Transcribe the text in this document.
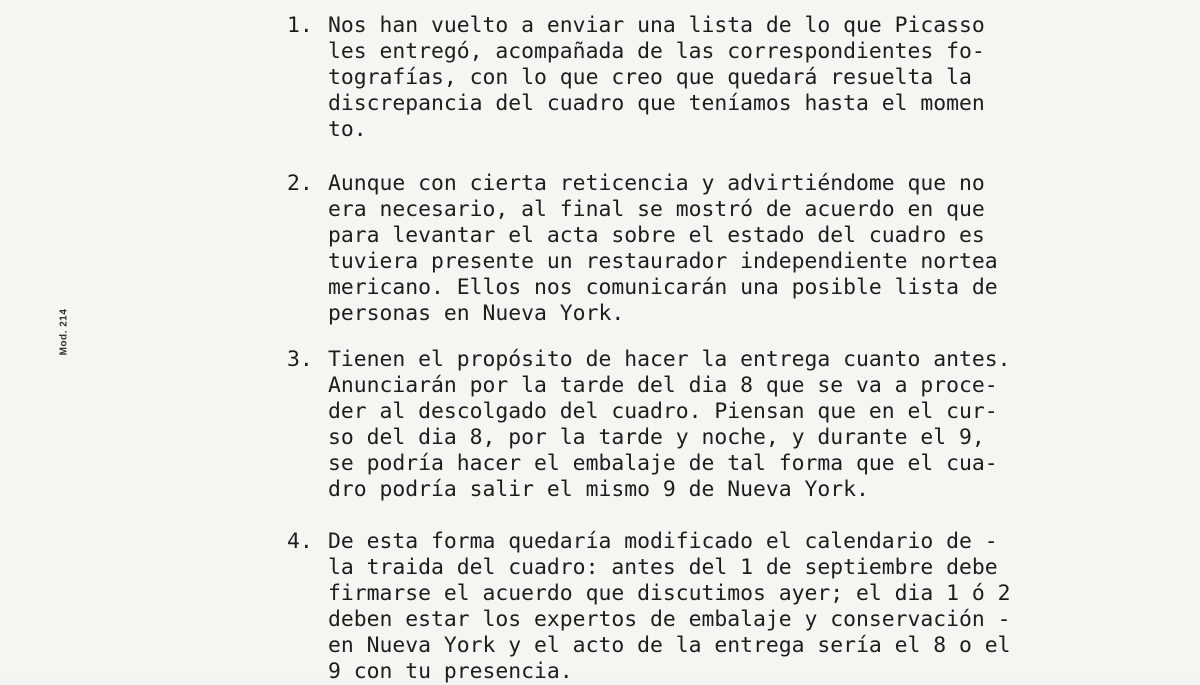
Mod. 214
1. Nos han vuelto a enviar una lista de lo que Picasso
les entregó, acompañada de las correspondientes fo-
tografías, con lo que creo que quedará resuelta la
discrepancia del cuadro que teníamos hasta el momen
to.
2. Aunque con cierta reticencia y advirtiéndome que no
era necesario, al final se mostró de acuerdo en que
para levantar el acta sobre el estado del cuadro es
tuviera presente un restaurador independiente nortea
mericano. Ellos nos comunicarán una posible lista de
personas en Nueva York.
3. Tienen el propósito de hacer la entrega cuanto antes.
Anunciarán por la tarde del dia 8 que se va a proce-
der al descolgado del cuadro. Piensan que en el cur-
so del dia 8, por la tarde y noche, y durante el 9,
se podría hacer el embalaje de tal forma que el cua-
dro podría salir el mismo 9 de Nueva York.
4. De esta forma quedaría modificado el calendario de -
la traida del cuadro: antes del 1 de septiembre debe
firmarse el acuerdo que discutimos ayer; el dia 1 ó 2
deben estar los expertos de embalaje y conservación -
en Nueva York y el acto de la entrega sería el 8 o el
9 con tu presencia.
